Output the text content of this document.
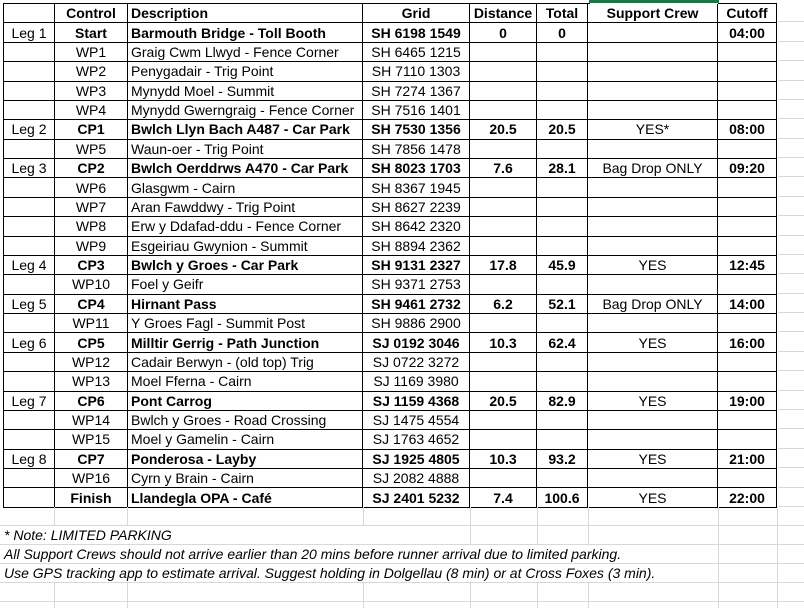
	Control	Description	Grid	Distance	Total	Support Crew	Cutoff
Leg 1	Start	Barmouth Bridge - Toll Booth	SH 6198 1549	0	0		04:00
	WP1	Graig Cwm Llwyd - Fence Corner	SH 6465 1215				
	WP2	Penygadair - Trig Point	SH 7110 1303				
	WP3	Mynydd Moel - Summit	SH 7274 1367				
	WP4	Mynydd Gwerngraig - Fence Corner	SH 7516 1401				
Leg 2	CP1	Bwlch Llyn Bach A487 - Car Park	SH 7530 1356	20.5	20.5	YES*	08:00
	WP5	Waun-oer - Trig Point	SH 7856 1478				
Leg 3	CP2	Bwlch Oerddrws A470 - Car Park	SH 8023 1703	7.6	28.1	Bag Drop ONLY	09:20
	WP6	Glasgwm - Cairn	SH 8367 1945				
	WP7	Aran Fawddwy - Trig Point	SH 8627 2239				
	WP8	Erw y Ddafad-ddu - Fence Corner	SH 8642 2320				
	WP9	Esgeiriau Gwynion - Summit	SH 8894 2362				
Leg 4	CP3	Bwlch y Groes - Car Park	SH 9131 2327	17.8	45.9	YES	12:45
	WP10	Foel y Geifr	SH 9371 2753				
Leg 5	CP4	Hirnant Pass	SH 9461 2732	6.2	52.1	Bag Drop ONLY	14:00
	WP11	Y Groes Fagl - Summit Post	SH 9886 2900				
Leg 6	CP5	Milltir Gerrig - Path Junction	SJ 0192 3046	10.3	62.4	YES	16:00
	WP12	Cadair Berwyn - (old top) Trig	SJ 0722 3272				
	WP13	Moel Fferna - Cairn	SJ 1169 3980				
Leg 7	CP6	Pont Carrog	SJ 1159 4368	20.5	82.9	YES	19:00
	WP14	Bwlch y Groes - Road Crossing	SJ 1475 4554				
	WP15	Moel y Gamelin - Cairn	SJ 1763 4652				
Leg 8	CP7	Ponderosa - Layby	SJ 1925 4805	10.3	93.2	YES	21:00
	WP16	Cyrn y Brain - Cairn	SJ 2082 4888				
	Finish	Llandegla OPA - Café	SJ 2401 5232	7.4	100.6	YES	22:00
* Note: LIMITED PARKING
All Support Crews should not arrive earlier than 20 mins before runner arrival due to limited parking.
Use GPS tracking app to estimate arrival. Suggest holding in Dolgellau (8 min) or at Cross Foxes (3 min).
